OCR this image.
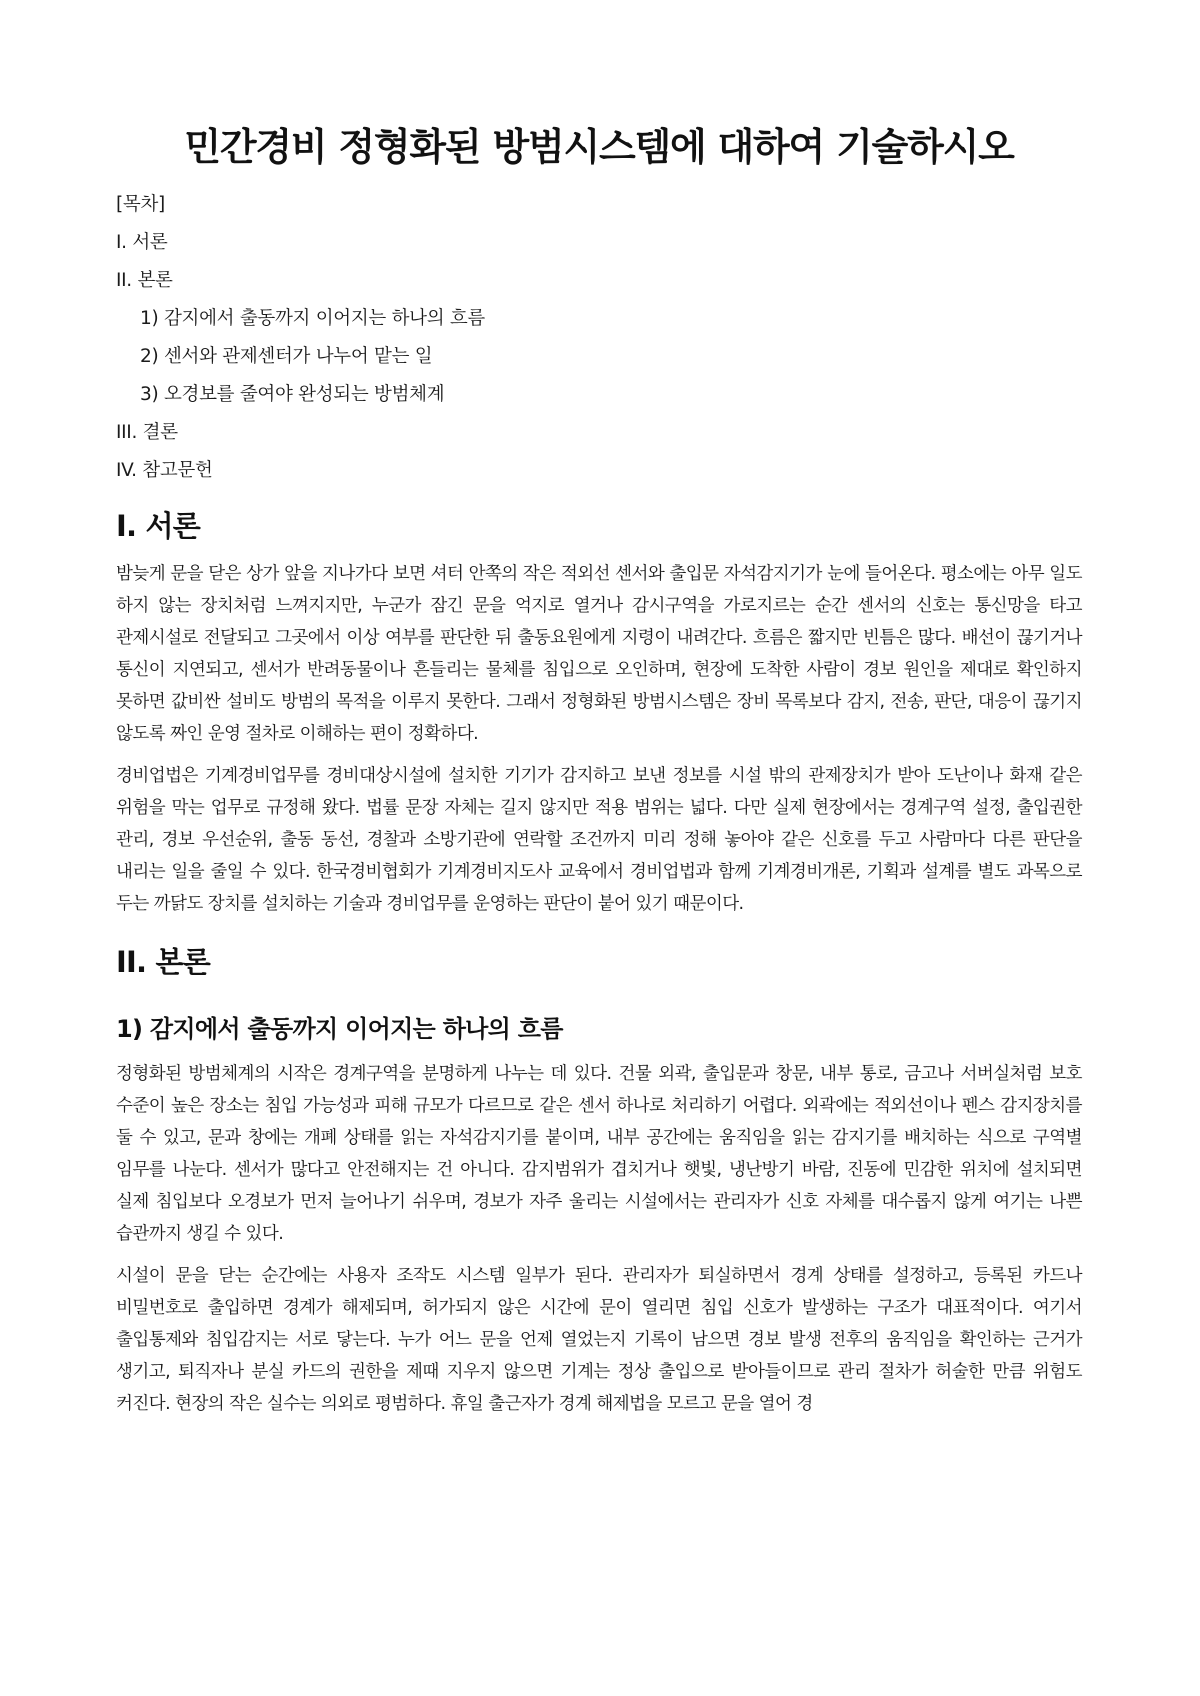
민간경비 정형화된 방범시스템에 대하여 기술하시오
[목차]
I. 서론
II. 본론
1) 감지에서 출동까지 이어지는 하나의 흐름
2) 센서와 관제센터가 나누어 맡는 일
3) 오경보를 줄여야 완성되는 방범체계
III. 결론
IV. 참고문헌
I. 서론

밤늦게 문을 닫은 상가 앞을 지나가다 보면 셔터 안쪽의 작은 적외선 센서와 출입문 자석감지기가 눈에 들어온다. 평소에는 아무 일도 하지 않는 장치처럼 느껴지지만, 누군가 잠긴 문을 억지로 열거나 감시구역을 가로지르는 순간 센서의 신호는 통신망을 타고 관제시설로 전달되고 그곳에서 이상 여부를 판단한 뒤 출동요원에게 지령이 내려간다. 흐름은 짧지만 빈틈은 많다. 배선이 끊기거나 통신이 지연되고, 센서가 반려동물이나 흔들리는 물체를 침입으로 오인하며, 현장에 도착한 사람이 경보 원인을 제대로 확인하지 못하면 값비싼 설비도 방범의 목적을 이루지 못한다. 그래서 정형화된 방범시스템은 장비 목록보다 감지, 전송, 판단, 대응이 끊기지 않도록 짜인 운영 절차로 이해하는 편이 정확하다.

경비업법은 기계경비업무를 경비대상시설에 설치한 기기가 감지하고 보낸 정보를 시설 밖의 관제장치가 받아 도난이나 화재 같은 위험을 막는 업무로 규정해 왔다. 법률 문장 자체는 길지 않지만 적용 범위는 넓다. 다만 실제 현장에서는 경계구역 설정, 출입권한 관리, 경보 우선순위, 출동 동선, 경찰과 소방기관에 연락할 조건까지 미리 정해 놓아야 같은 신호를 두고 사람마다 다른 판단을 내리는 일을 줄일 수 있다. 한국경비협회가 기계경비지도사 교육에서 경비업법과 함께 기계경비개론, 기획과 설계를 별도 과목으로 두는 까닭도 장치를 설치하는 기술과 경비업무를 운영하는 판단이 붙어 있기 때문이다.

II. 본론
1) 감지에서 출동까지 이어지는 하나의 흐름

정형화된 방범체계의 시작은 경계구역을 분명하게 나누는 데 있다. 건물 외곽, 출입문과 창문, 내부 통로, 금고나 서버실처럼 보호 수준이 높은 장소는 침입 가능성과 피해 규모가 다르므로 같은 센서 하나로 처리하기 어렵다. 외곽에는 적외선이나 펜스 감지장치를 둘 수 있고, 문과 창에는 개폐 상태를 읽는 자석감지기를 붙이며, 내부 공간에는 움직임을 읽는 감지기를 배치하는 식으로 구역별 임무를 나눈다. 센서가 많다고 안전해지는 건 아니다. 감지범위가 겹치거나 햇빛, 냉난방기 바람, 진동에 민감한 위치에 설치되면 실제 침입보다 오경보가 먼저 늘어나기 쉬우며, 경보가 자주 울리는 시설에서는 관리자가 신호 자체를 대수롭지 않게 여기는 나쁜 습관까지 생길 수 있다.

시설이 문을 닫는 순간에는 사용자 조작도 시스템 일부가 된다. 관리자가 퇴실하면서 경계 상태를 설정하고, 등록된 카드나 비밀번호로 출입하면 경계가 해제되며, 허가되지 않은 시간에 문이 열리면 침입 신호가 발생하는 구조가 대표적이다. 여기서 출입통제와 침입감지는 서로 닿는다. 누가 어느 문을 언제 열었는지 기록이 남으면 경보 발생 전후의 움직임을 확인하는 근거가 생기고, 퇴직자나 분실 카드의 권한을 제때 지우지 않으면 기계는 정상 출입으로 받아들이므로 관리 절차가 허술한 만큼 위험도 커진다. 현장의 작은 실수는 의외로 평범하다. 휴일 출근자가 경계 해제법을 모르고 문을 열어 경
